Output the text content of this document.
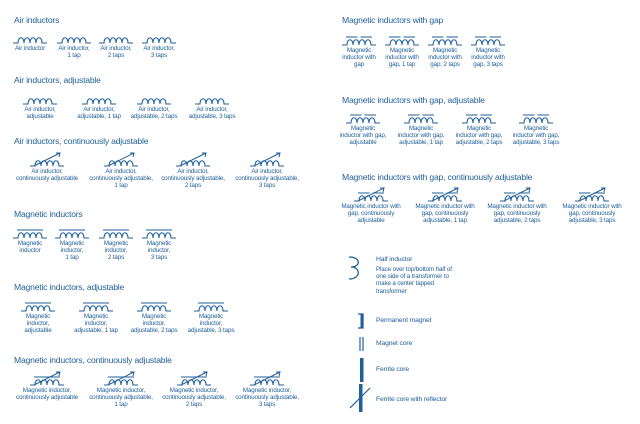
Air inductors
Air inductors, adjustable
Air inductors, continuously adjustable
Magnetic inductors
Magnetic inductors, adjustable
Magnetic inductors, continuously adjustable
Magnetic inductors with gap
Magnetic inductors with gap, adjustable
Magnetic inductors with gap, continuously adjustable
Air inductor	Air inductor,
1 tap
Air inductor,
2 taps
Air inductor,
3 taps
Air inductor,
adjustable
Air inductor,
adjustable, 1 tap
Air inductor,
adjustable, 2 taps
Air inductor,
adjustable, 3 taps
Air inductor,
continuously adjustable
Air inductor,
continuously adjustable,
1 tap
Air inductor,
continuously adjustable,
2 taps
Air inductor,
continuously adjustable,
3 taps
Magnetic
inductor
Magnetic
inductor,
1 tap
Magnetic
inductor,
2 taps
Magnetic
inductor,
3 taps
Magnetic
inductor,
adjustable
Magnetic
inductor,
adjustable, 1 tap
Magnetic
inductor,
adjustable, 2 taps
Magnetic
inductor,
adjustable, 3 taps
Magnetic inductor,
continuously adjustable
Magnetic inductor,
continuously adjustable,
1 tap
Magnetic inductor,
continuously adjustable,
2 taps
Magnetic inductor,
continuously adjustable,
3 taps
Magnetic
inductor with
gap
Magnetic
inductor with
gap, 1 tap
Magnetic
inductor with
gap, 2 taps
Magnetic
inductor with
gap, 3 taps
Magnetic
inductor with gap,
adjustable
Magnetic
inductor with gap,
adjustable, 1 tap
Magnetic
inductor with gap,
adjustable, 2 taps
Magnetic
inductor with gap,
adjustable, 3 taps
Magnetic inductor with
gap, continuously
adjustable
Magnetic inductor with
gap, continuously
adjustable, 1 tap
Magnetic inductor with
gap, continuously
adjustable, 2 taps
Magnetic inductor with
gap, continuously
adjustable, 3 taps
Half inductor
Place over top/bottom half of
one side of a transformer to
make a center tapped
transformer
Permanent magnet
Magnet core
Ferrite core
Ferrite core with reflector
